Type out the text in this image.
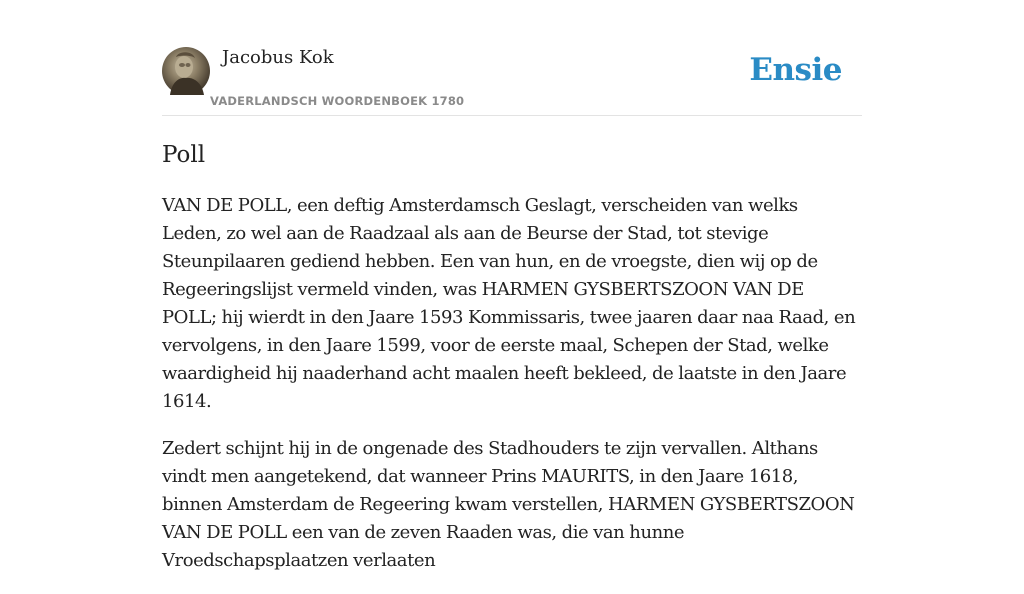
Jacobus Kok
VADERLANDSCH WOORDENBOEK 1780
Ensie
Poll

VAN DE POLL, een deftig Amsterdamsch Geslagt, verscheiden van welks Leden, zo wel aan de Raadzaal als aan de Beurse der Stad, tot stevige Steunpilaaren gediend hebben. Een van hun, en de vroegste, dien wij op de Regeeringslijst vermeld vinden, was HARMEN GYSBERTSZOON VAN DE POLL; hij wierdt in den Jaare 1593 Kommissaris, twee jaaren daar naa Raad, en vervolgens, in den Jaare 1599, voor de eerste maal, Schepen der Stad, welke waardigheid hij naaderhand acht maalen heeft bekleed, de laatste in den Jaare 1614.

Zedert schijnt hij in de ongenade des Stadhouders te zijn vervallen. Althans vindt men aangetekend, dat wanneer Prins MAURITS, in den Jaare 1618, binnen Amsterdam de Regeering kwam verstellen, HARMEN GYSBERTSZOON VAN DE POLL een van de zeven Raaden was, die van hunne Vroedschapsplaatzen verlaaten
